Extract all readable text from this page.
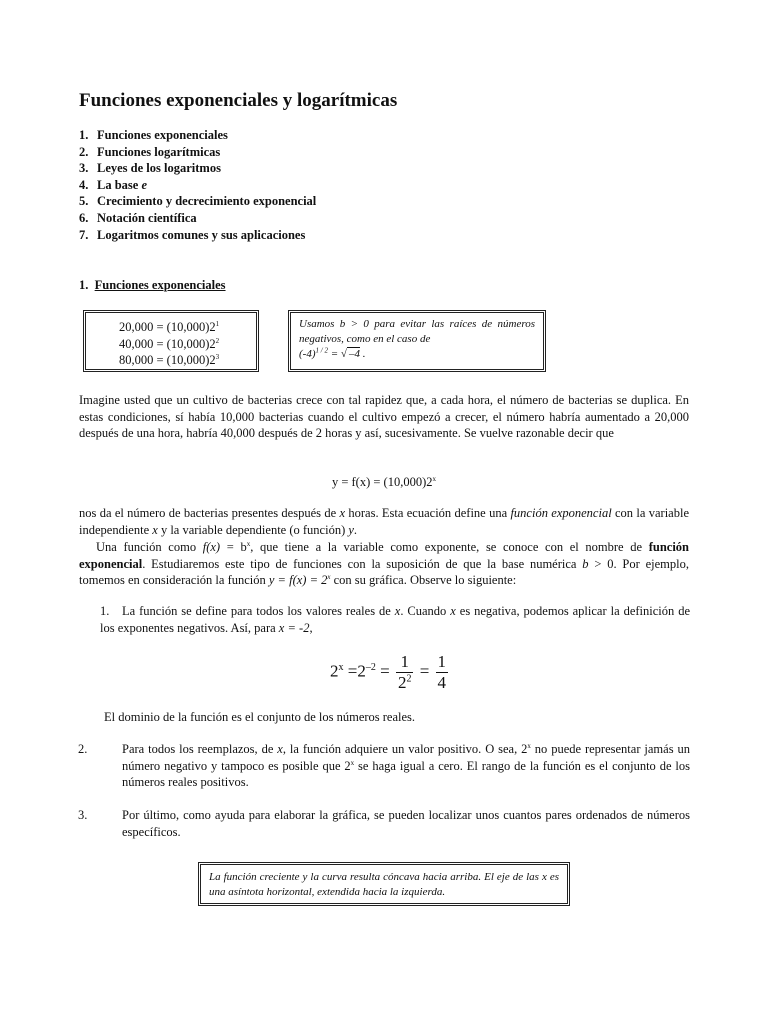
Funciones exponenciales y logarítmicas
1. Funciones exponenciales
2. Funciones logarítmicas
3. Leyes de los logaritmos
4. La base e
5. Crecimiento y decrecimiento exponencial
6. Notación científica
7. Logaritmos comunes y sus aplicaciones
1. Funciones exponenciales
$20,000 = (10,000)2^1$
$40,000 = (10,000)2^2$
$80,000 = (10,000)2^3$
Usamos b > 0 para evitar las raíces de números negativos, como en el caso de
$(-4)^{1 / 2}$ = √ –4 .
Imagine usted que un cultivo de bacterias crece con tal rapidez que, a cada hora, el número de bacterias se duplica. En estas condiciones, sí había 10,000 bacterias cuando el cultivo empezó a crecer, el número habría aumentado a 20,000 después de una hora, habría 40,000 después de 2 horas y así, sucesivamente. Se vuelve razonable decir que
$y = f(x) = (10,000)2^x$
nos da el número de bacterias presentes después de x horas. Esta ecuación define una función exponencial con la variable independiente x y la variable dependiente (o función) y.
Una función como $f(x) = b^x$, que tiene a la variable como exponente, se conoce con el nombre de función exponencial. Estudiaremos este tipo de funciones con la suposición de que la base numérica b > 0. Por ejemplo, tomemos en consideración la función $y = f(x) = 2^x$ con su gráfica. Observe lo siguiente:
1. La función se define para todos los valores reales de x. Cuando x es negativa, podemos aplicar la definición de los exponentes negativos. Así, para x = -2,
$2^x =2^{-2} = \frac{1}{2^2} = \frac{1}{4}$
El dominio de la función es el conjunto de los números reales.
2.	Para todos los reemplazos, de x, la función adquiere un valor positivo. O sea, 2$^x$ no puede representar jamás un número negativo y tampoco es posible que 2$^x$ se haga igual a cero. El rango de la función es el conjunto de los números reales positivos.
3.	Por último, como ayuda para elaborar la gráfica, se pueden localizar unos cuantos pares ordenados de números específicos.
La función creciente y la curva resulta cóncava hacia arriba. El eje de las x es una asíntota horizontal, extendida hacia la izquierda.
